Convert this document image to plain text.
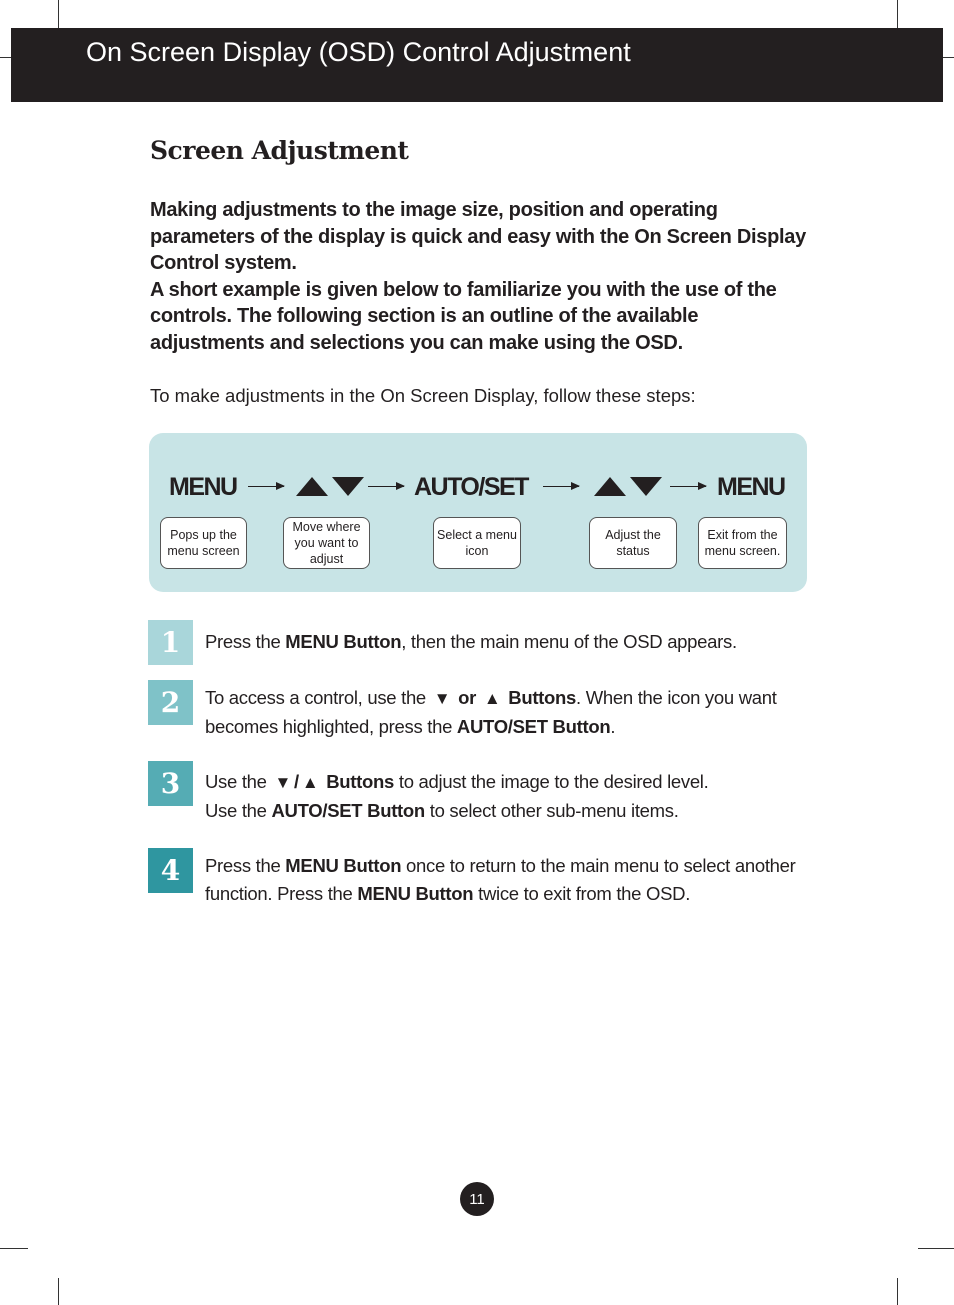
On Screen Display (OSD) Control Adjustment
Screen Adjustment

Making adjustments to the image size, position and operating parameters of the display is quick and easy with the On Screen Display Control system.

A short example is given below to familiarize you with the use of the controls. The following section is an outline of the available adjustments and selections you can make using the OSD.

To make adjustments in the On Screen Display, follow these steps:
MENU	AUTO/SET	MENU
Pops up the menu screen
Move where you want to adjust
Select a menu icon
Adjust the status
Exit from the menu screen.
1	Press the MENU Button, then the main menu of the OSD appears.
2	To access a control, use the ▼ or ▲ Buttons. When the icon you want becomes highlighted, press the AUTO/SET Button.
3	Use the ▼ / ▲ Buttons to adjust the image to the desired level.
Use the AUTO/SET Button to select other sub-menu items.
4	Press the MENU Button once to return to the main menu to select another function. Press the MENU Button twice to exit from the OSD.
11
